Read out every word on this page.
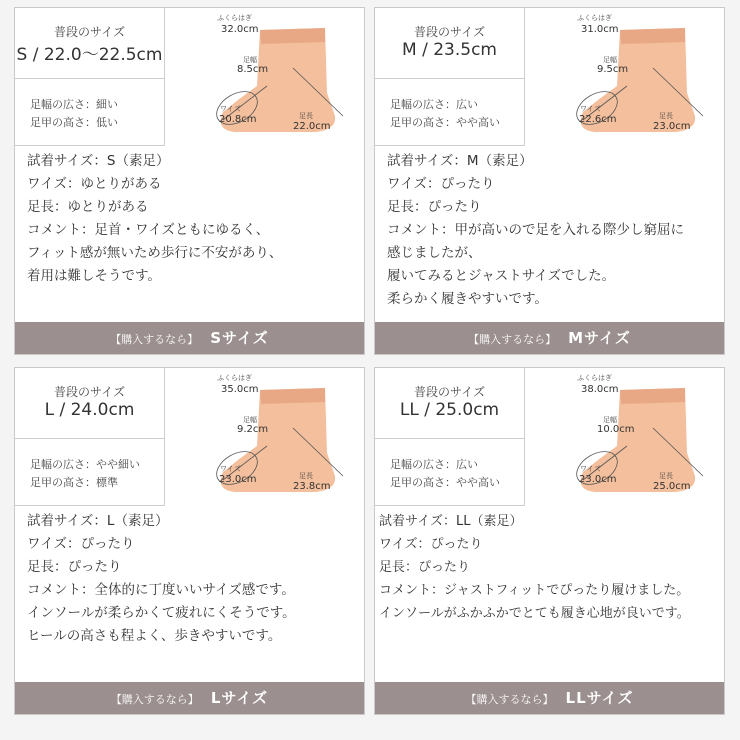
普段のサイズ
S / 22.0〜22.5cm
足幅の広さ：細い
足甲の高さ：低い
ふくらはぎ
32.0cm
足幅
8.5cm
ワイズ
20.8cm	足長
22.0cm
試着サイズ：S（素足）
ワイズ：ゆとりがある
足長：ゆとりがある
コメント：足首・ワイズともにゆるく、
フィット感が無いため歩行に不安があり、
着用は難しそうです。
【購入するなら】 Sサイズ
普段のサイズ
M / 23.5cm
足幅の広さ：広い
足甲の高さ：やや高い
ふくらはぎ
31.0cm
足幅
9.5cm
ワイズ
22.6cm	足長
23.0cm
試着サイズ：M（素足）
ワイズ：ぴったり
足長：ぴったり
コメント：甲が高いので足を入れる際少し窮屈に
感じましたが、
履いてみるとジャストサイズでした。
柔らかく履きやすいです。
【購入するなら】 Mサイズ
普段のサイズ
L / 24.0cm
足幅の広さ：やや細い
足甲の高さ：標準
ふくらはぎ
35.0cm
足幅
9.2cm
ワイズ
23.0cm	足長
23.8cm
試着サイズ：L（素足）
ワイズ：ぴったり
足長：ぴったり
コメント：全体的に丁度いいサイズ感です。
インソールが柔らかくて疲れにくそうです。
ヒールの高さも程よく、歩きやすいです。
【購入するなら】 Lサイズ
普段のサイズ
LL / 25.0cm
足幅の広さ：広い
足甲の高さ：やや高い
ふくらはぎ
38.0cm
足幅
10.0cm
ワイズ
23.0cm	足長
25.0cm
試着サイズ：LL（素足）
ワイズ：ぴったり
足長：ぴったり
コメント：ジャストフィットでぴったり履けました。
インソールがふかふかでとても履き心地が良いです。
【購入するなら】 LLサイズ
